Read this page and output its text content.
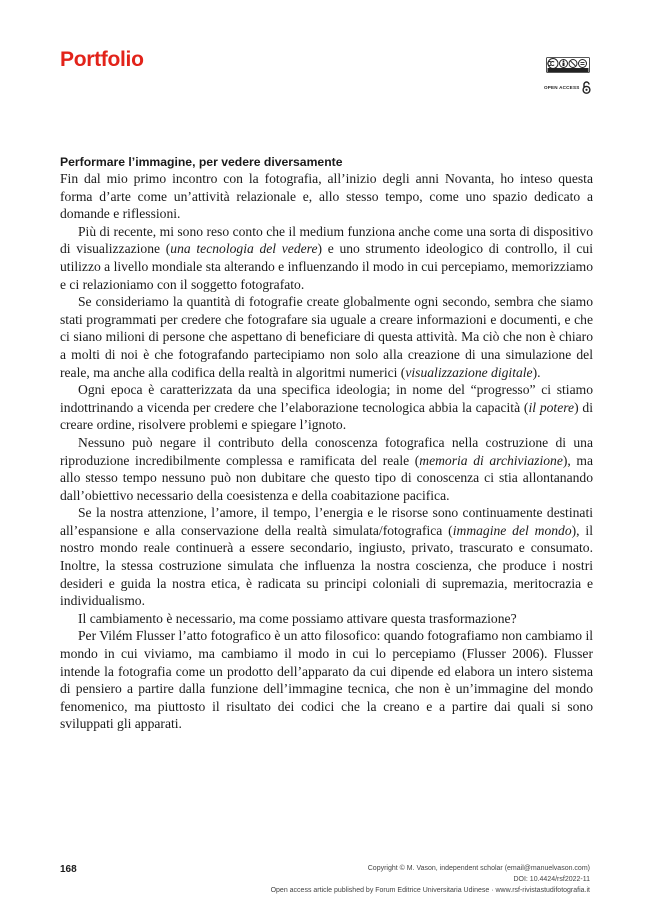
Portfolio
OPEN ACCESS
Performare l’immagine, per vedere diversamente

Fin dal mio primo incontro con la fotografia, all’inizio degli anni Novanta, ho inteso questa forma d’arte come un’attività relazionale e, allo stesso tempo, come uno spazio dedicato a domande e riflessioni.

Più di recente, mi sono reso conto che il medium funziona anche come una sorta di dispositivo di visualizzazione (una tecnologia del vedere) e uno strumento ideologico di controllo, il cui utilizzo a livello mondiale sta alterando e influenzando il modo in cui percepiamo, memorizziamo e ci relazioniamo con il soggetto fotografato.

Se consideriamo la quantità di fotografie create globalmente ogni secondo, sembra che siamo stati programmati per credere che fotografare sia uguale a creare informazioni e documenti, e che ci siano milioni di persone che aspettano di beneficiare di questa attività. Ma ciò che non è chiaro a molti di noi è che fotografando partecipiamo non solo alla creazione di una simulazione del reale, ma anche alla codifica della realtà in algoritmi numerici (visualizzazione digitale).

Ogni epoca è caratterizzata da una specifica ideologia; in nome del “progresso” ci stiamo indottrinando a vicenda per credere che l’elaborazione tecnologica abbia la capacità (il potere) di creare ordine, risolvere problemi e spiegare l’ignoto.

Nessuno può negare il contributo della conoscenza fotografica nella costruzione di una riproduzione incredibilmente complessa e ramificata del reale (memoria di archiviazione), ma allo stesso tempo nessuno può non dubitare che questo tipo di conoscenza ci stia allontanando dall’obiettivo necessario della coesistenza e della coabitazione pacifica.

Se la nostra attenzione, l’amore, il tempo, l’energia e le risorse sono continuamente destinati all’espansione e alla conservazione della realtà simulata/fotografica (immagine del mondo), il nostro mondo reale continuerà a essere secondario, ingiusto, privato, trascurato e consumato. Inoltre, la stessa costruzione simulata che influenza la nostra coscienza, che produce i nostri desideri e guida la nostra etica, è radicata su principi coloniali di supremazia, meritocrazia e individualismo.

Il cambiamento è necessario, ma come possiamo attivare questa trasformazione?

Per Vilém Flusser l’atto fotografico è un atto filosofico: quando fotografiamo non cambiamo il mondo in cui viviamo, ma cambiamo il modo in cui lo percepiamo (Flusser 2006). Flusser intende la fotografia come un prodotto dell’apparato da cui dipende ed elabora un intero sistema di pensiero a partire dalla funzione dell’immagine tecnica, che non è un’immagine del mondo fenomenico, ma piuttosto il risultato dei codici che la creano e a partire dai quali si sono sviluppati gli apparati.

168	Copyright © M. Vason, independent scholar (email@manuelvason.com)
DOI: 10.4424/rsf2022-11
Open access article published by Forum Editrice Universitaria Udinese · www.rsf-rivistastudifotografia.it
